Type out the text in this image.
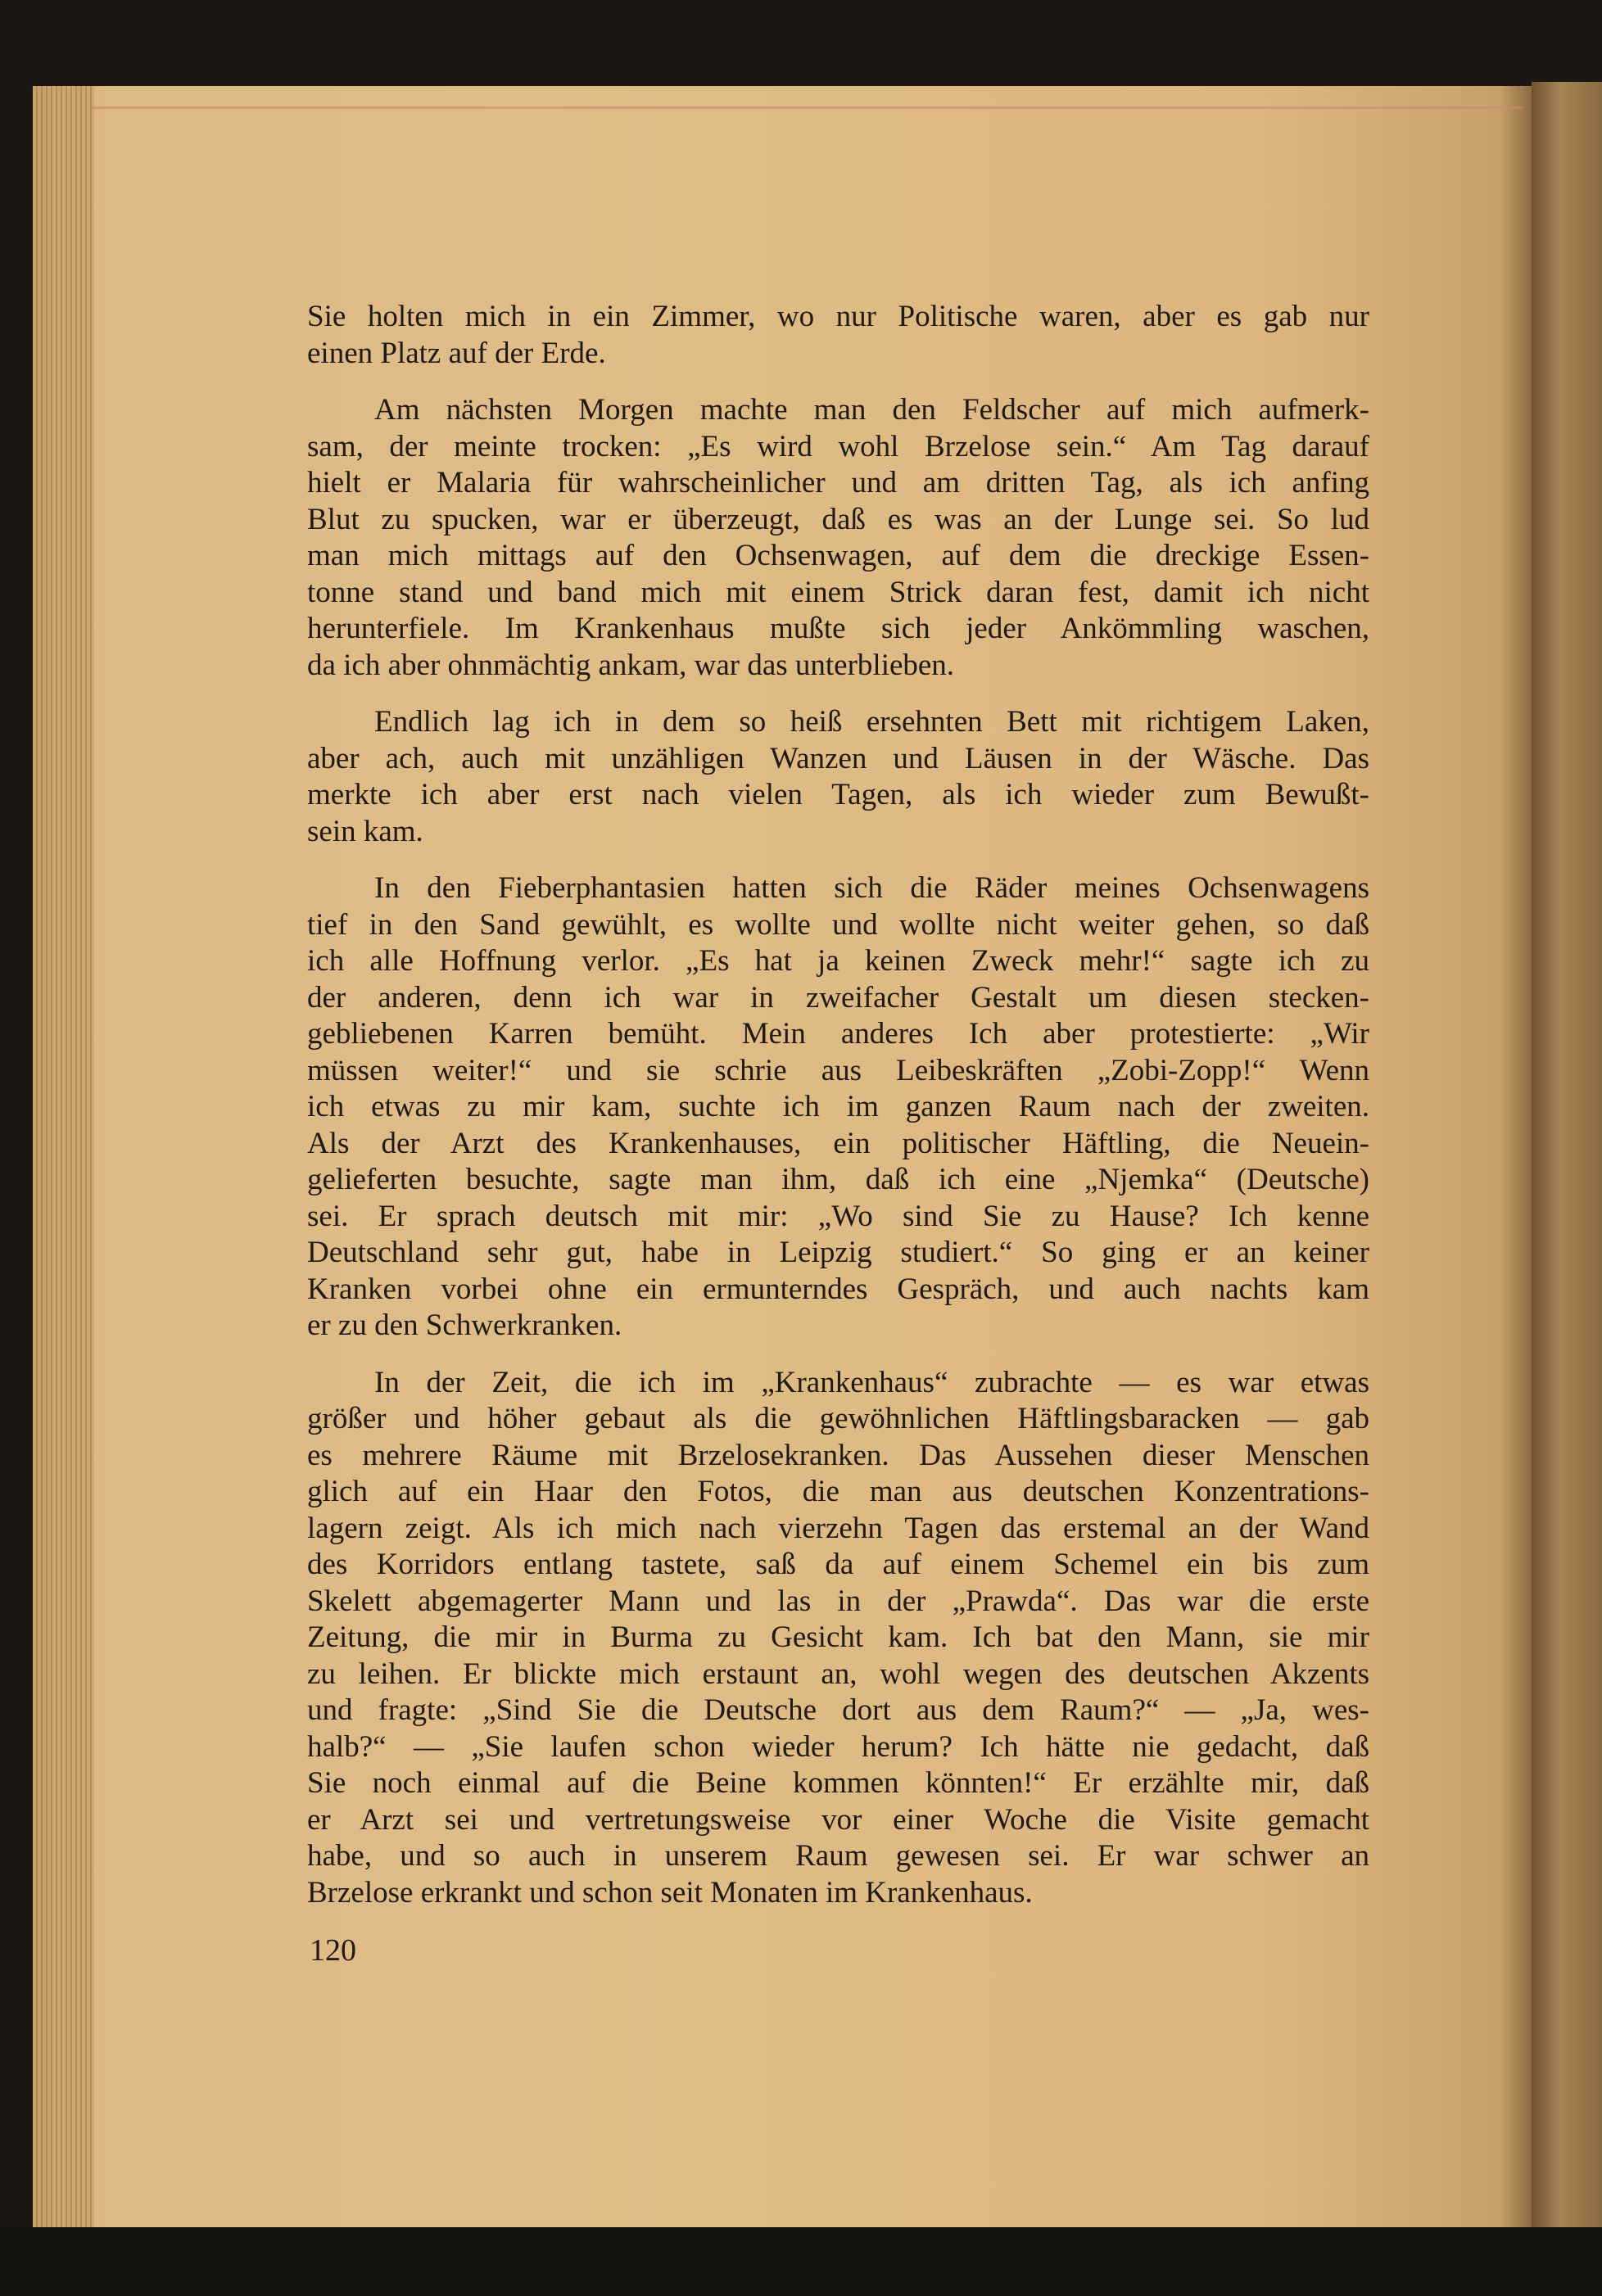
Sie holten mich in ein Zimmer, wo nur Politische waren, aber es gab nur
einen Platz auf der Erde.
Am nächsten Morgen machte man den Feldscher auf mich aufmerk-
sam, der meinte trocken: „Es wird wohl Brzelose sein.“ Am Tag darauf
hielt er Malaria für wahrscheinlicher und am dritten Tag, als ich anfing
Blut zu spucken, war er überzeugt, daß es was an der Lunge sei. So lud
man mich mittags auf den Ochsenwagen, auf dem die dreckige Essen-
tonne stand und band mich mit einem Strick daran fest, damit ich nicht
herunterfiele. Im Krankenhaus mußte sich jeder Ankömmling waschen,
da ich aber ohnmächtig ankam, war das unterblieben.
Endlich lag ich in dem so heiß ersehnten Bett mit richtigem Laken,
aber ach, auch mit unzähligen Wanzen und Läusen in der Wäsche. Das
merkte ich aber erst nach vielen Tagen, als ich wieder zum Bewußt-
sein kam.
In den Fieberphantasien hatten sich die Räder meines Ochsenwagens
tief in den Sand gewühlt, es wollte und wollte nicht weiter gehen, so daß
ich alle Hoffnung verlor. „Es hat ja keinen Zweck mehr!“ sagte ich zu
der anderen, denn ich war in zweifacher Gestalt um diesen stecken-
gebliebenen Karren bemüht. Mein anderes Ich aber protestierte: „Wir
müssen weiter!“ und sie schrie aus Leibeskräften „Zobi-Zopp!“ Wenn
ich etwas zu mir kam, suchte ich im ganzen Raum nach der zweiten.
Als der Arzt des Krankenhauses, ein politischer Häftling, die Neuein-
gelieferten besuchte, sagte man ihm, daß ich eine „Njemka“ (Deutsche)
sei. Er sprach deutsch mit mir: „Wo sind Sie zu Hause? Ich kenne
Deutschland sehr gut, habe in Leipzig studiert.“ So ging er an keiner
Kranken vorbei ohne ein ermunterndes Gespräch, und auch nachts kam
er zu den Schwerkranken.
In der Zeit, die ich im „Krankenhaus“ zubrachte — es war etwas
größer und höher gebaut als die gewöhnlichen Häftlingsbaracken — gab
es mehrere Räume mit Brzelosekranken. Das Aussehen dieser Menschen
glich auf ein Haar den Fotos, die man aus deutschen Konzentrations-
lagern zeigt. Als ich mich nach vierzehn Tagen das erstemal an der Wand
des Korridors entlang tastete, saß da auf einem Schemel ein bis zum
Skelett abgemagerter Mann und las in der „Prawda“. Das war die erste
Zeitung, die mir in Burma zu Gesicht kam. Ich bat den Mann, sie mir
zu leihen. Er blickte mich erstaunt an, wohl wegen des deutschen Akzents
und fragte: „Sind Sie die Deutsche dort aus dem Raum?“ — „Ja, wes-
halb?“ — „Sie laufen schon wieder herum? Ich hätte nie gedacht, daß
Sie noch einmal auf die Beine kommen könnten!“ Er erzählte mir, daß
er Arzt sei und vertretungsweise vor einer Woche die Visite gemacht
habe, und so auch in unserem Raum gewesen sei. Er war schwer an
Brzelose erkrankt und schon seit Monaten im Krankenhaus.
120
